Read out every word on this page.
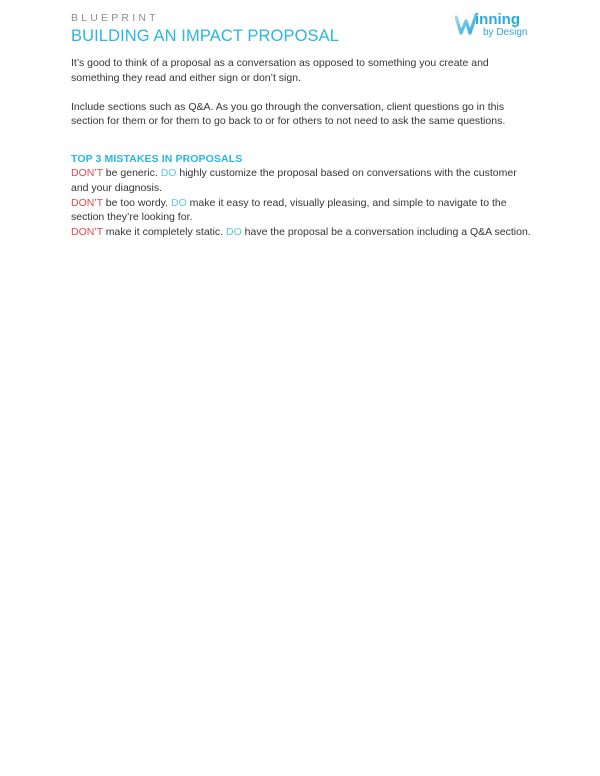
BLUEPRINT
BUILDING AN IMPACT PROPOSAL
inning
by Design

It’s good to think of a proposal as a conversation as opposed to something you create and something they read and either sign or don’t sign.

Include sections such as Q&A. As you go through the conversation, client questions go in this section for them or for them to go back to or for others to not need to ask the same questions.

TOP 3 MISTAKES IN PROPOSALS

DON’T be generic. DO highly customize the proposal based on conversations with the customer and your diagnosis.

DON’T be too wordy. DO make it easy to read, visually pleasing, and simple to navigate to the section they’re looking for.

DON’T make it completely static. DO have the proposal be a conversation including a Q&A section.
